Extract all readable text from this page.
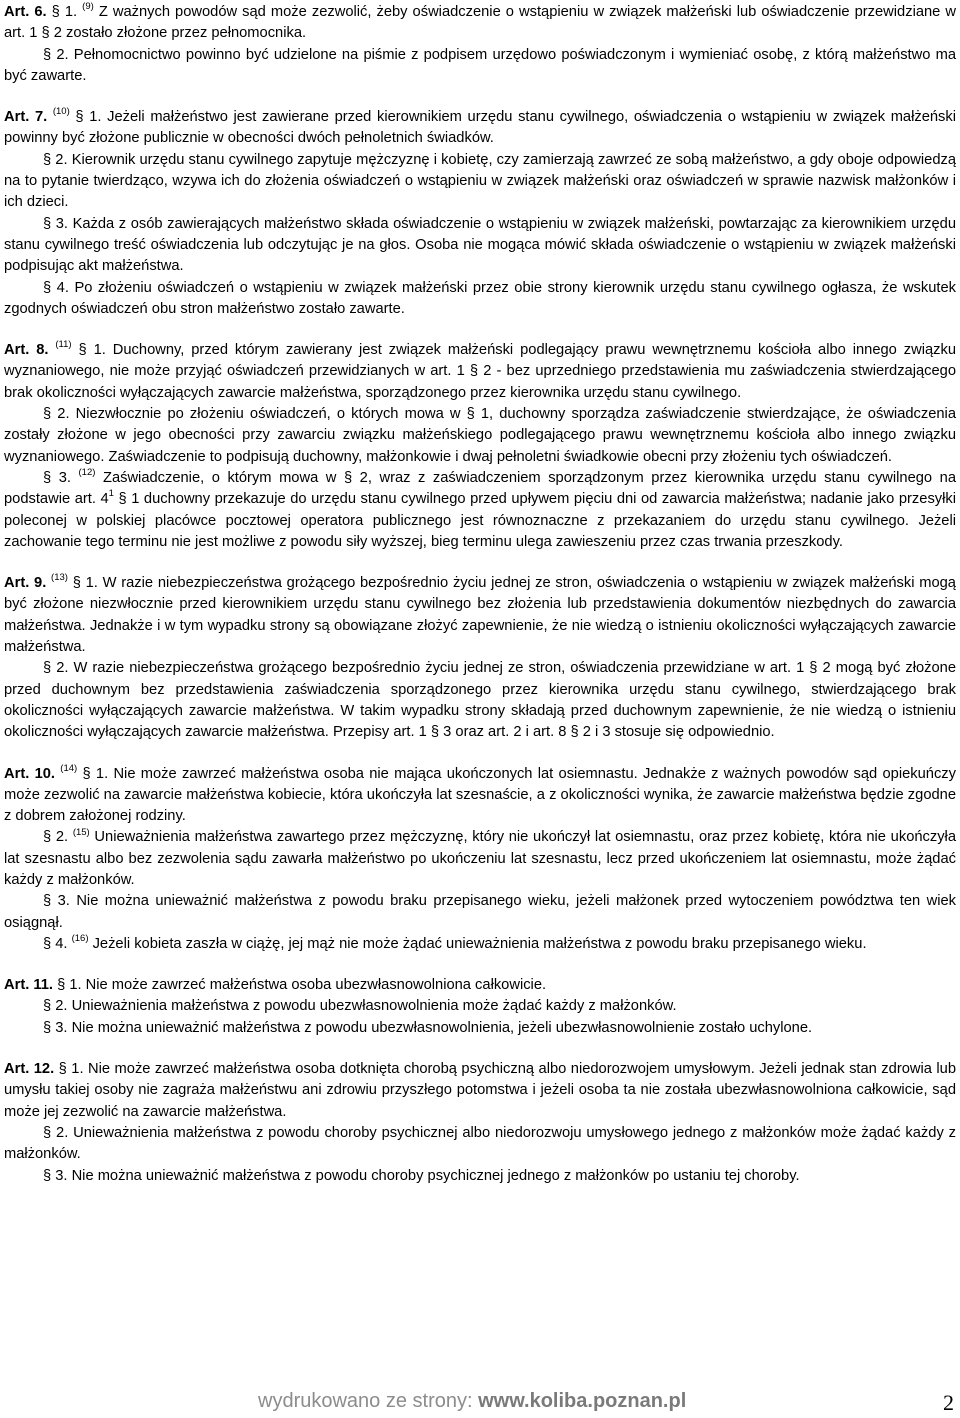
Art. 6. § 1. $^{(9)}$ Z ważnych powodów sąd może zezwolić, żeby oświadczenie o wstąpieniu w związek małżeński lub oświadczenie przewidziane w art. 1 § 2 zostało złożone przez pełnomocnika.

§ 2. Pełnomocnictwo powinno być udzielone na piśmie z podpisem urzędowo poświadczonym i wymieniać osobę, z którą małżeństwo ma być zawarte.

Art. 7. $^{(10)}$ § 1. Jeżeli małżeństwo jest zawierane przed kierownikiem urzędu stanu cywilnego, oświadczenia o wstąpieniu w związek małżeński powinny być złożone publicznie w obecności dwóch pełnoletnich świadków.

§ 2. Kierownik urzędu stanu cywilnego zapytuje mężczyznę i kobietę, czy zamierzają zawrzeć ze sobą małżeństwo, a gdy oboje odpowiedzą na to pytanie twierdząco, wzywa ich do złożenia oświadczeń o wstąpieniu w związek małżeński oraz oświadczeń w sprawie nazwisk małżonków i ich dzieci.

§ 3. Każda z osób zawierających małżeństwo składa oświadczenie o wstąpieniu w związek małżeński, powtarzając za kierownikiem urzędu stanu cywilnego treść oświadczenia lub odczytując je na głos. Osoba nie mogąca mówić składa oświadczenie o wstąpieniu w związek małżeński podpisując akt małżeństwa.

§ 4. Po złożeniu oświadczeń o wstąpieniu w związek małżeński przez obie strony kierownik urzędu stanu cywilnego ogłasza, że wskutek zgodnych oświadczeń obu stron małżeństwo zostało zawarte.

Art. 8. $^{(11)}$ § 1. Duchowny, przed którym zawierany jest związek małżeński podlegający prawu wewnętrznemu kościoła albo innego związku wyznaniowego, nie może przyjąć oświadczeń przewidzianych w art. 1 § 2 - bez uprzedniego przedstawienia mu zaświadczenia stwierdzającego brak okoliczności wyłączających zawarcie małżeństwa, sporządzonego przez kierownika urzędu stanu cywilnego.

§ 2. Niezwłocznie po złożeniu oświadczeń, o których mowa w § 1, duchowny sporządza zaświadczenie stwierdzające, że oświadczenia zostały złożone w jego obecności przy zawarciu związku małżeńskiego podlegającego prawu wewnętrznemu kościoła albo innego związku wyznaniowego. Zaświadczenie to podpisują duchowny, małżonkowie i dwaj pełnoletni świadkowie obecni przy złożeniu tych oświadczeń.

§ 3. $^{(12)}$ Zaświadczenie, o którym mowa w § 2, wraz z zaświadczeniem sporządzonym przez kierownika urzędu stanu cywilnego na podstawie art. $4^1$ § 1 duchowny przekazuje do urzędu stanu cywilnego przed upływem pięciu dni od zawarcia małżeństwa; nadanie jako przesyłki poleconej w polskiej placówce pocztowej operatora publicznego jest równoznaczne z przekazaniem do urzędu stanu cywilnego. Jeżeli zachowanie tego terminu nie jest możliwe z powodu siły wyższej, bieg terminu ulega zawieszeniu przez czas trwania przeszkody.

Art. 9. $^{(13)}$ § 1. W razie niebezpieczeństwa grożącego bezpośrednio życiu jednej ze stron, oświadczenia o wstąpieniu w związek małżeński mogą być złożone niezwłocznie przed kierownikiem urzędu stanu cywilnego bez złożenia lub przedstawienia dokumentów niezbędnych do zawarcia małżeństwa. Jednakże i w tym wypadku strony są obowiązane złożyć zapewnienie, że nie wiedzą o istnieniu okoliczności wyłączających zawarcie małżeństwa.

§ 2. W razie niebezpieczeństwa grożącego bezpośrednio życiu jednej ze stron, oświadczenia przewidziane w art. 1 § 2 mogą być złożone przed duchownym bez przedstawienia zaświadczenia sporządzonego przez kierownika urzędu stanu cywilnego, stwierdzającego brak okoliczności wyłączających zawarcie małżeństwa. W takim wypadku strony składają przed duchownym zapewnienie, że nie wiedzą o istnieniu okoliczności wyłączających zawarcie małżeństwa. Przepisy art. 1 § 3 oraz art. 2 i art. 8 § 2 i 3 stosuje się odpowiednio.

Art. 10. $^{(14)}$ § 1. Nie może zawrzeć małżeństwa osoba nie mająca ukończonych lat osiemnastu. Jednakże z ważnych powodów sąd opiekuńczy może zezwolić na zawarcie małżeństwa kobiecie, która ukończyła lat szesnaście, a z okoliczności wynika, że zawarcie małżeństwa będzie zgodne z dobrem założonej rodziny.

§ 2. $^{(15)}$ Unieważnienia małżeństwa zawartego przez mężczyznę, który nie ukończył lat osiemnastu, oraz przez kobietę, która nie ukończyła lat szesnastu albo bez zezwolenia sądu zawarła małżeństwo po ukończeniu lat szesnastu, lecz przed ukończeniem lat osiemnastu, może żądać każdy z małżonków.

§ 3. Nie można unieważnić małżeństwa z powodu braku przepisanego wieku, jeżeli małżonek przed wytoczeniem powództwa ten wiek osiągnął.

§ 4. $^{(16)}$ Jeżeli kobieta zaszła w ciążę, jej mąż nie może żądać unieważnienia małżeństwa z powodu braku przepisanego wieku.

Art. 11. § 1. Nie może zawrzeć małżeństwa osoba ubezwłasnowolniona całkowicie.

§ 2. Unieważnienia małżeństwa z powodu ubezwłasnowolnienia może żądać każdy z małżonków.

§ 3. Nie można unieważnić małżeństwa z powodu ubezwłasnowolnienia, jeżeli ubezwłasnowolnienie zostało uchylone.

Art. 12. § 1. Nie może zawrzeć małżeństwa osoba dotknięta chorobą psychiczną albo niedorozwojem umysłowym. Jeżeli jednak stan zdrowia lub umysłu takiej osoby nie zagraża małżeństwu ani zdrowiu przyszłego potomstwa i jeżeli osoba ta nie została ubezwłasnowolniona całkowicie, sąd może jej zezwolić na zawarcie małżeństwa.

§ 2. Unieważnienia małżeństwa z powodu choroby psychicznej albo niedorozwoju umysłowego jednego z małżonków może żądać każdy z małżonków.

§ 3. Nie można unieważnić małżeństwa z powodu choroby psychicznej jednego z małżonków po ustaniu tej choroby.

wydrukowano ze strony: www.koliba.poznan.pl	2
